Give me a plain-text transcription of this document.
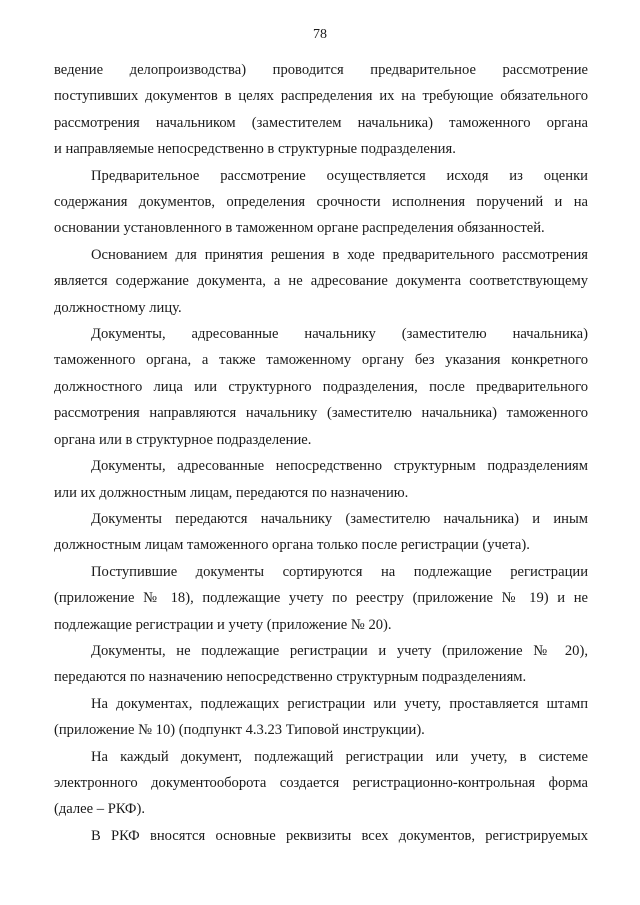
78
ведение делопроизводства) проводится предварительное рассмотрение
поступивших документов в целях распределения их на требующие обязательного
рассмотрения начальником (заместителем начальника) таможенного органа
и направляемые непосредственно в структурные подразделения.
Предварительное рассмотрение осуществляется исходя из оценки
содержания документов, определения срочности исполнения поручений и на
основании установленного в таможенном органе распределения обязанностей.
Основанием для принятия решения в ходе предварительного рассмотрения
является содержание документа, а не адресование документа соответствующему
должностному лицу.
Документы, адресованные начальнику (заместителю начальника)
таможенного органа, а также таможенному органу без указания конкретного
должностного лица или структурного подразделения, после предварительного
рассмотрения направляются начальнику (заместителю начальника) таможенного
органа или в структурное подразделение.
Документы, адресованные непосредственно структурным подразделениям
или их должностным лицам, передаются по назначению.
Документы передаются начальнику (заместителю начальника) и иным
должностным лицам таможенного органа только после регистрации (учета).
Поступившие документы сортируются на подлежащие регистрации
(приложение № 18), подлежащие учету по реестру (приложение № 19) и не
подлежащие регистрации и учету (приложение № 20).
Документы, не подлежащие регистрации и учету (приложение № 20),
передаются по назначению непосредственно структурным подразделениям.
На документах, подлежащих регистрации или учету, проставляется штамп
(приложение № 10) (подпункт 4.3.23 Типовой инструкции).
На каждый документ, подлежащий регистрации или учету, в системе
электронного документооборота создается регистрационно-контрольная форма
(далее – РКФ).
В РКФ вносятся основные реквизиты всех документов, регистрируемых
